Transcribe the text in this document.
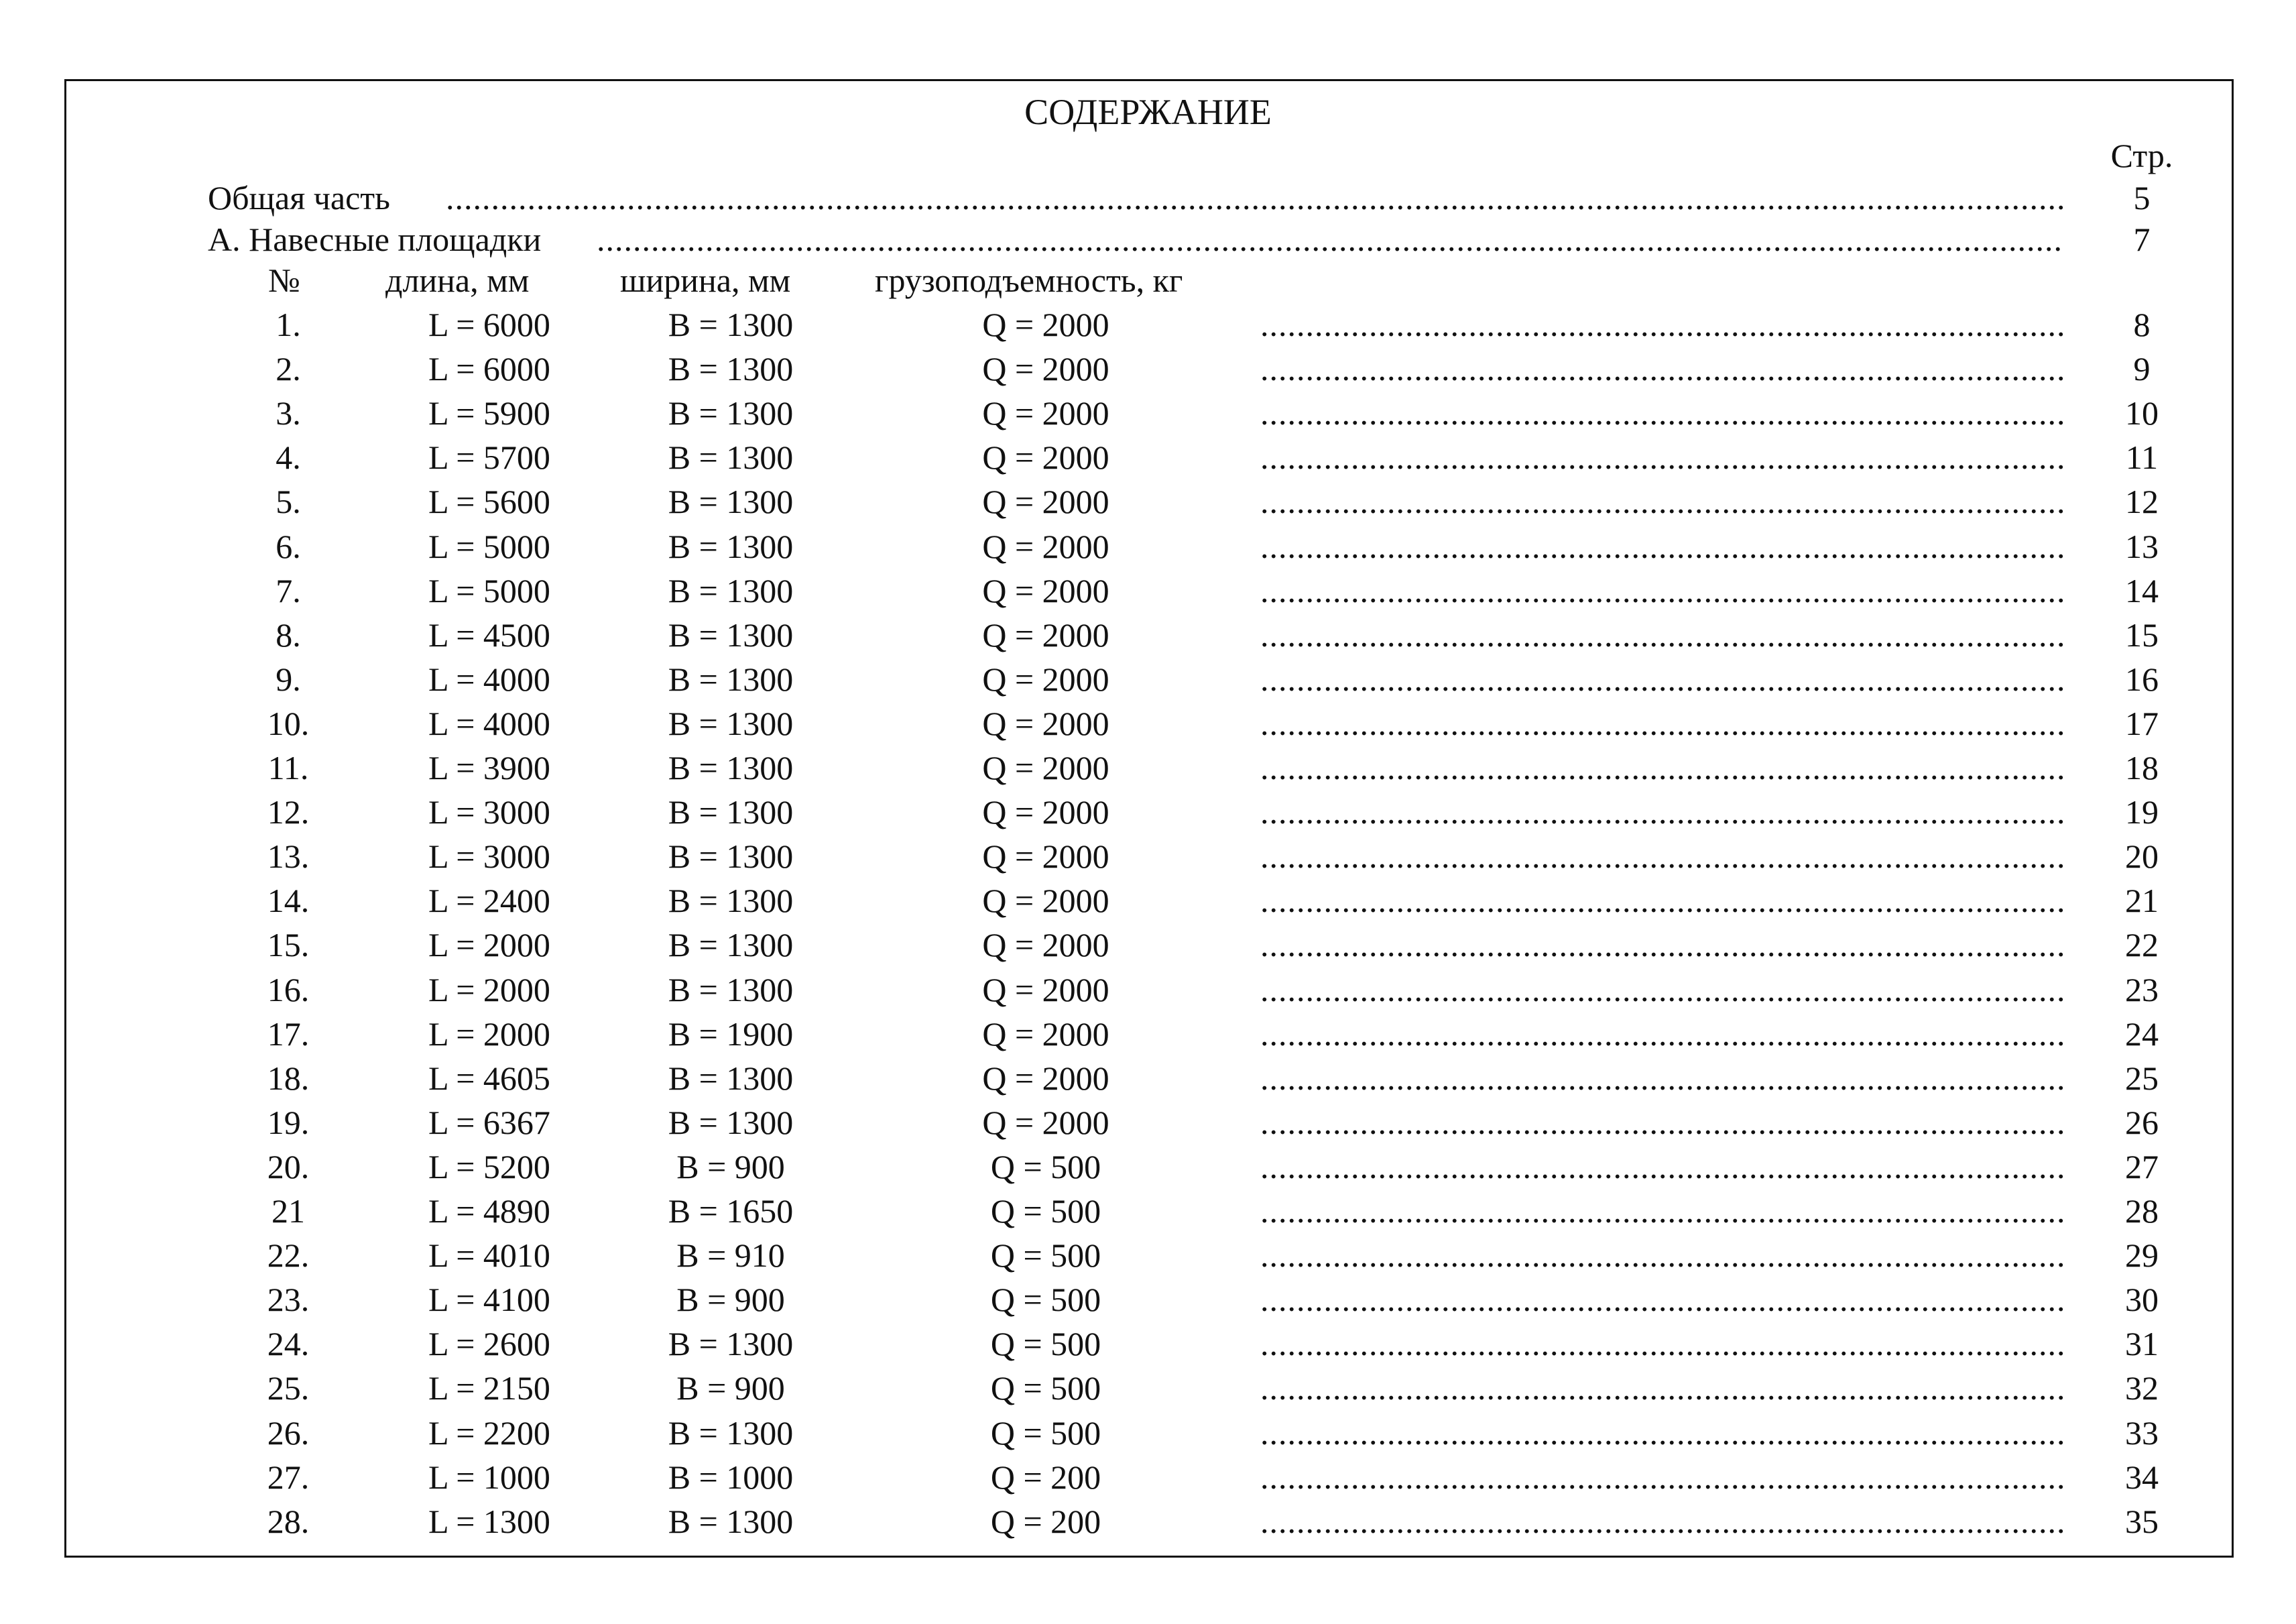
СОДЕРЖАНИЕ
Стр.
Общая часть .....	5
А. Навесные площадки .....	7
№	длина, мм	ширина, мм	грузоподъемность, кг
1.	L = 6000	B = 1300	Q = 2000 .....	8
2.	L = 6000	B = 1300	Q = 2000 .....	9
3.	L = 5900	B = 1300	Q = 2000 .....	10
4.	L = 5700	B = 1300	Q = 2000 .....	11
5.	L = 5600	B = 1300	Q = 2000 .....	12
6.	L = 5000	B = 1300	Q = 2000 .....	13
7.	L = 5000	B = 1300	Q = 2000 .....	14
8.	L = 4500	B = 1300	Q = 2000 .....	15
9.	L = 4000	B = 1300	Q = 2000 .....	16
10.	L = 4000	B = 1300	Q = 2000 .....	17
11.	L = 3900	B = 1300	Q = 2000 .....	18
12.	L = 3000	B = 1300	Q = 2000 .....	19
13.	L = 3000	B = 1300	Q = 2000 .....	20
14.	L = 2400	B = 1300	Q = 2000 .....	21
15.	L = 2000	B = 1300	Q = 2000 .....	22
16.	L = 2000	B = 1300	Q = 2000 .....	23
17.	L = 2000	B = 1900	Q = 2000 .....	24
18.	L = 4605	B = 1300	Q = 2000 .....	25
19.	L = 6367	B = 1300	Q = 2000 .....	26
20.	L = 5200	B = 900	Q = 500 .....	27
21	L = 4890	B = 1650	Q = 500 .....	28
22.	L = 4010	B = 910	Q = 500 .....	29
23.	L = 4100	B = 900	Q = 500 .....	30
24.	L = 2600	B = 1300	Q = 500 .....	31
25.	L = 2150	B = 900	Q = 500 .....	32
26.	L = 2200	B = 1300	Q = 500 .....	33
27.	L = 1000	B = 1000	Q = 200 .....	34
28.	L = 1300	B = 1300	Q = 200 .....	35
